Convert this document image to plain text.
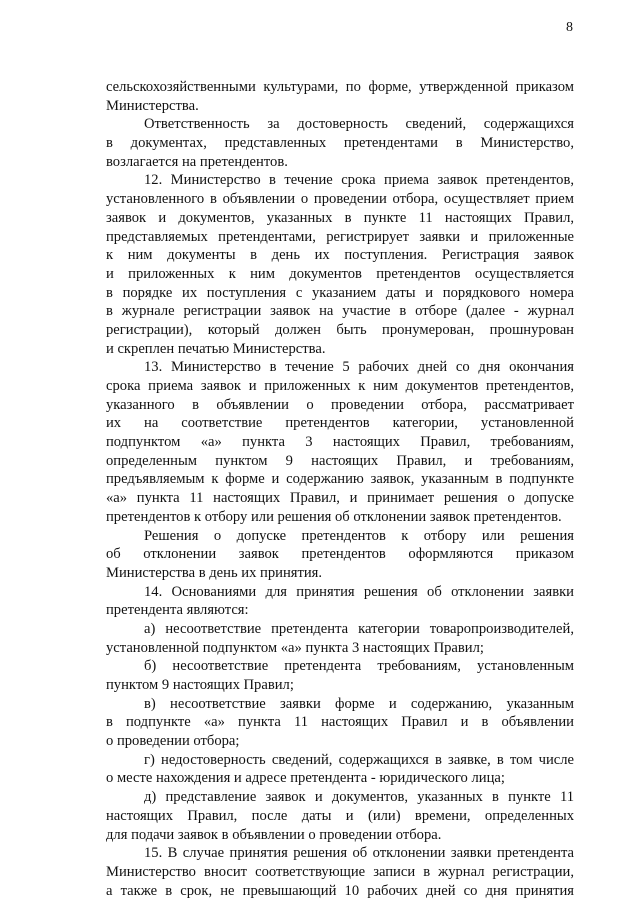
8
сельскохозяйственными культурами, по форме, утвержденной приказом
Министерства.
Ответственность за достоверность сведений, содержащихся
в документах, представленных претендентами в Министерство,
возлагается на претендентов.
12. Министерство в течение срока приема заявок претендентов,
установленного в объявлении о проведении отбора, осуществляет прием
заявок и документов, указанных в пункте 11 настоящих Правил,
представляемых претендентами, регистрирует заявки и приложенные
к ним документы в день их поступления. Регистрация заявок
и приложенных к ним документов претендентов осуществляется
в порядке их поступления с указанием даты и порядкового номера
в журнале регистрации заявок на участие в отборе (далее - журнал
регистрации), который должен быть пронумерован, прошнурован
и скреплен печатью Министерства.
13. Министерство в течение 5 рабочих дней со дня окончания
срока приема заявок и приложенных к ним документов претендентов,
указанного в объявлении о проведении отбора, рассматривает
их на соответствие претендентов категории, установленной
подпунктом «а» пункта 3 настоящих Правил, требованиям,
определенным пунктом 9 настоящих Правил, и требованиям,
предъявляемым к форме и содержанию заявок, указанным в подпункте
«а» пункта 11 настоящих Правил, и принимает решения о допуске
претендентов к отбору или решения об отклонении заявок претендентов.
Решения о допуске претендентов к отбору или решения
об отклонении заявок претендентов оформляются приказом
Министерства в день их принятия.
14. Основаниями для принятия решения об отклонении заявки
претендента являются:
а) несоответствие претендента категории товаропроизводителей,
установленной подпунктом «а» пункта 3 настоящих Правил;
б) несоответствие претендента требованиям, установленным
пунктом 9 настоящих Правил;
в) несоответствие заявки форме и содержанию, указанным
в подпункте «а» пункта 11 настоящих Правил и в объявлении
о проведении отбора;
г) недостоверность сведений, содержащихся в заявке, в том числе
о месте нахождения и адресе претендента - юридического лица;
д) представление заявок и документов, указанных в пункте 11
настоящих Правил, после даты и (или) времени, определенных
для подачи заявок в объявлении о проведении отбора.
15. В случае принятия решения об отклонении заявки претендента
Министерство вносит соответствующие записи в журнал регистрации,
а также в срок, не превышающий 10 рабочих дней со дня принятия
